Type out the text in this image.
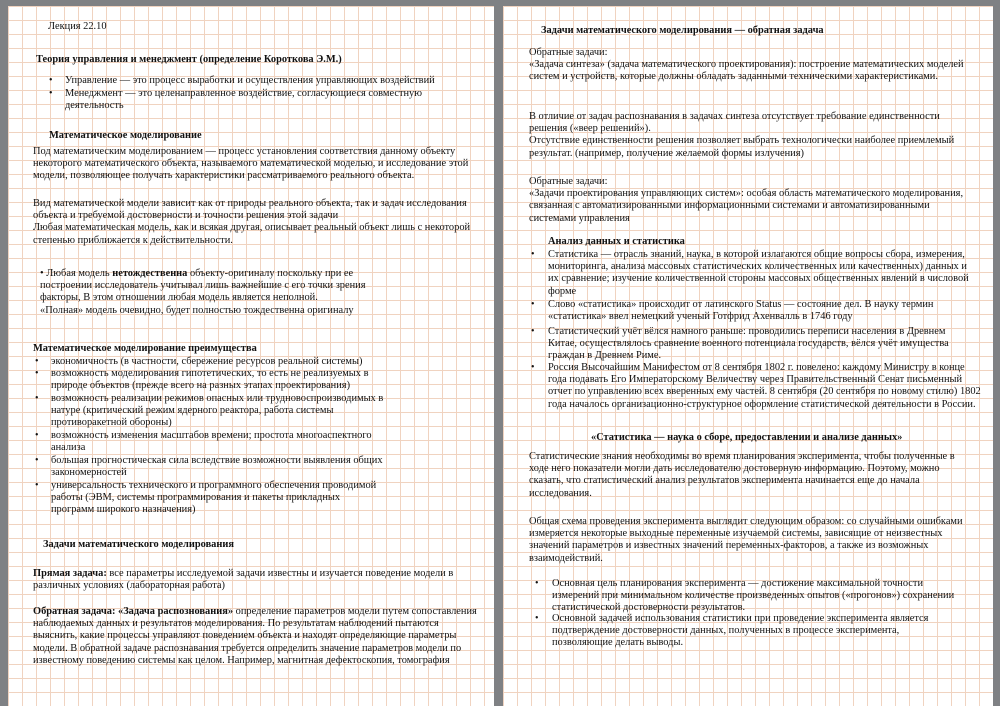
Лекция 22.10
Теория управления и менеджмент (определение Короткова Э.М.)
• Управление — это процесс выработки и осуществления управляющих воздействий
• Менеджмент — это целенаправленное воздействие, согласующиеся совместную деятельность
Математическое моделирование
Под математическим моделированием — процесс установления соответствия данному объекту некоторого математического объекта, называемого математической моделью, и исследование этой модели, позволяющее получать характеристики рассматриваемого реального объекта.
Вид математической модели зависит как от природы реального объекта, так и задач исследования объекта и требуемой достоверности и точности решения этой задачи
Любая математическая модель, как и всякая другая, описывает реальный объект лишь с некоторой степенью приближается к действительности.
• Любая модель нетождественна объекту-оригиналу поскольку при ее построении исследователь учитывал лишь важнейшие с его точки зрения факторы, В этом отношении любая модель является неполной.
«Полная» модель очевидно, будет полностью тождественна оригиналу
Математическое моделирование преимущества
• экономичность (в частности, сбережение ресурсов реальной системы)
• возможность моделирования гипотетических, то есть не реализуемых в природе объектов (прежде всего на разных этапах проектирования)
• возможность реализации режимов опасных или трудновоспроизводимых в натуре (критический режим ядерного реактора, работа системы противоракетной обороны)
• возможность изменения масштабов времени; простота многоаспектного анализа
• большая прогностическая сила вследствие возможности выявления общих закономерностей
• универсальность технического и программного обеспечения проводимой работы (ЭВМ, системы программирования и пакеты прикладных программ широкого назначения)
Задачи математического моделирования
Прямая задача: все параметры исследуемой задачи известны и изучается поведение модели в различных условиях (лабораторная работа)
Обратная задача: «Задача распознования» определение параметров модели путем сопоставления наблюдаемых данных и результатов моделирования. По результатам наблюдений пытаются выяснить, какие процессы управляют поведением объекта и находят определяющие параметры модели. В обратной задаче распознавания требуется определить значение параметров модели по известному поведению системы как целом. Например, магнитная дефектоскопия, томография
Задачи математического моделирования — обратная задача
Обратные задачи:
«Задача синтеза» (задача математического проектирования): построение математических моделей систем и устройств, которые должны обладать заданными техническими характеристиками.
В отличие от задач распознавания в задачах синтеза отсутствует требование единственности решения («веер решений»).
Отсутствие единственности решения позволяет выбрать технологически наиболее приемлемый результат. (например, получение желаемой формы излучения)
Обратные задачи:
«Задачи проектирования управляющих систем»: особая область математического моделирования, связанная с автоматизированными информационными системами и автоматизированными системами управления
Анализ данных и статистика
• Статистика — отрасль знаний, наука, в которой излагаются общие вопросы сбора, измерения, мониторинга, анализа массовых статистических количественных или качественных) данных и их сравнение; изучение количественной стороны массовых общественных явлений в числовой форме
• Слово «статистика» происходит от латинского Status — состояние дел. В науку термин «статистика» ввел немецкий ученый Готфрид Ахенвалль в 1746 году
• Статистический учёт вёлся намного раньше: проводились переписи населения в Древнем Китае, осуществлялось сравнение военного потенциала государств, вёлся учёт имущества граждан в Древнем Риме.
• Россия Высочайшим Манифестом от 8 сентября 1802 г. повелено: каждому Министру в конце года подавать Его Императорскому Величеству через Правительственный Сенат письменный отчет по управлению всех вверенных ему частей. 8 сентября (20 сентября по новому стилю) 1802 года началось организационно-структурное оформление статистической деятельности в России.
«Статистика — наука о сборе, предоставлении и анализе данных»
Статистические знания необходимы во время планирования эксперимента, чтобы полученные в ходе него показатели могли дать исследователю достоверную информацию. Поэтому, можно сказать, что статистический анализ результатов эксперимента начинается еще до начала исследования.
Общая схема проведения эксперимента выглядит следующим образом: со случайными ошибками измеряется некоторые выходные переменные изучаемой системы, зависящие от неизвестных значений параметров и известных значений переменных-факторов, а также из возможных взаимодействий.
• Основная цель планирования эксперимента — достижение максимальной точности измерений при минимальном количестве произведенных опытов («прогонов») сохранении статистической достоверности результатов.
• Основной задачей использования статистики при проведение эксперимента является подтверждение достоверности данных, полученных в процессе эксперимента, позволяющие делать выводы.
